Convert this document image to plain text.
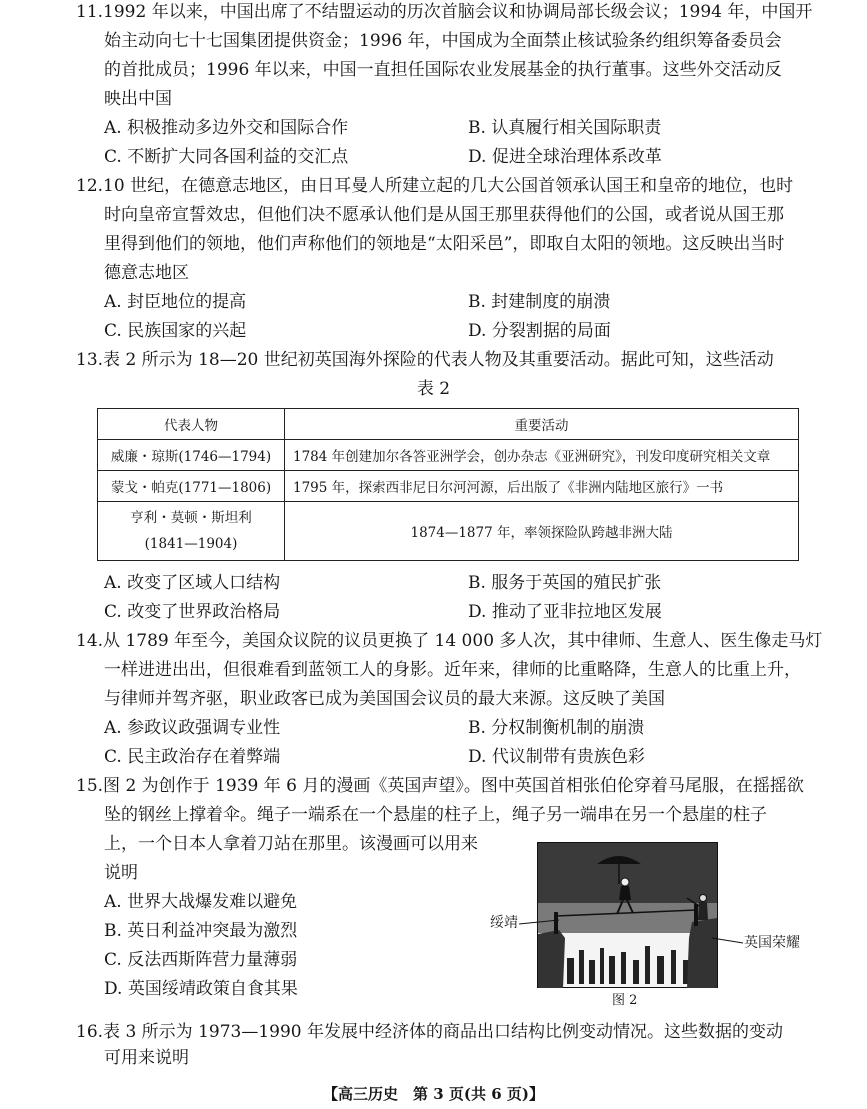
11.1992 年以来，中国出席了不结盟运动的历次首脑会议和协调局部长级会议；1994 年，中国开
始主动向七十七国集团提供资金；1996 年，中国成为全面禁止核试验条约组织筹备委员会
的首批成员；1996 年以来，中国一直担任国际农业发展基金的执行董事。这些外交活动反
映出中国
A. 积极推动多边外交和国际合作	B. 认真履行相关国际职责
C. 不断扩大同各国利益的交汇点	D. 促进全球治理体系改革
12.10 世纪，在德意志地区，由日耳曼人所建立起的几大公国首领承认国王和皇帝的地位，也时
时向皇帝宣誓效忠，但他们决不愿承认他们是从国王那里获得他们的公国，或者说从国王那
里得到他们的领地，他们声称他们的领地是“太阳采邑”，即取自太阳的领地。这反映出当时
德意志地区
A. 封臣地位的提高	B. 封建制度的崩溃
C. 民族国家的兴起	D. 分裂割据的局面
13.表 2 所示为 18—20 世纪初英国海外探险的代表人物及其重要活动。据此可知，这些活动
表 2
代表人物	重要活动
威廉・琼斯(1746—1794)	1784 年创建加尔各答亚洲学会，创办杂志《亚洲研究》，刊发印度研究相关文章
蒙戈・帕克(1771—1806)	1795 年，探索西非尼日尔河河源，后出版了《非洲内陆地区旅行》一书

亨利・莫顿・斯坦利
(1841—1904)	1874—1877 年，率领探险队跨越非洲大陆
A. 改变了区域人口结构	B. 服务于英国的殖民扩张
C. 改变了世界政治格局	D. 推动了亚非拉地区发展
14.从 1789 年至今，美国众议院的议员更换了 14 000 多人次，其中律师、生意人、医生像走马灯
一样进进出出，但很难看到蓝领工人的身影。近年来，律师的比重略降，生意人的比重上升，
与律师并驾齐驱，职业政客已成为美国国会议员的最大来源。这反映了美国
A. 参政议政强调专业性	B. 分权制衡机制的崩溃
C. 民主政治存在着弊端	D. 代议制带有贵族色彩
15.图 2 为创作于 1939 年 6 月的漫画《英国声望》。图中英国首相张伯伦穿着马尾服，在摇摇欲
坠的钢丝上撑着伞。绳子一端系在一个悬崖的柱子上，绳子另一端串在另一个悬崖的柱子
上，一个日本人拿着刀站在那里。该漫画可以用来
说明
A. 世界大战爆发难以避免
B. 英日利益冲突最为激烈
C. 反法西斯阵营力量薄弱
D. 英国绥靖政策自食其果
绥靖
英国荣耀
图 2
16.表 3 所示为 1973—1990 年发展中经济体的商品出口结构比例变动情况。这些数据的变动
可用来说明
【高三历史　第 3 页(共 6 页)】
